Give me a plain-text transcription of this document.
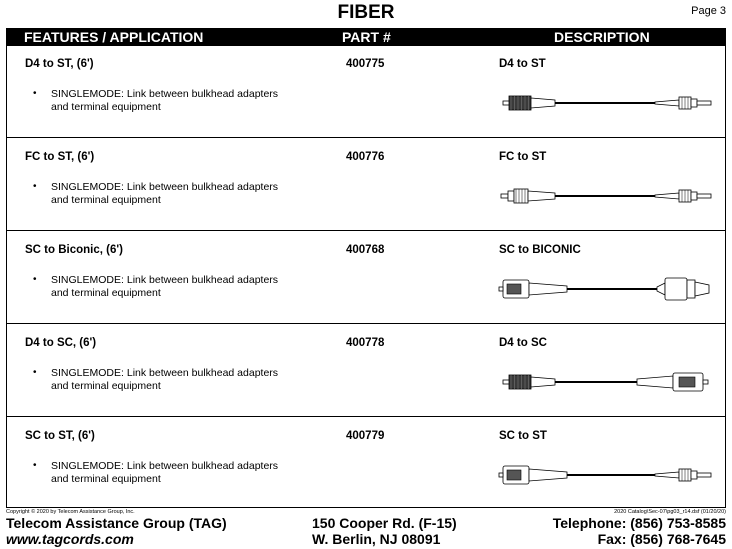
FIBER	Page 3
FEATURES / APPLICATION	PART #	DESCRIPTION
D4 to ST, (6')	400775	D4 to ST
• SINGLEMODE: Link between bulkhead adapters
and terminal equipment
FC to ST, (6')	400776	FC to ST
• SINGLEMODE: Link between bulkhead adapters
and terminal equipment
SC to Biconic, (6')	400768	SC to BICONIC
• SINGLEMODE: Link between bulkhead adapters
and terminal equipment
D4 to SC, (6')	400778	D4 to SC
• SINGLEMODE: Link between bulkhead adapters
and terminal equipment
SC to ST, (6')	400779	SC to ST
• SINGLEMODE: Link between bulkhead adapters
and terminal equipment
Copyright © 2020 by Telecom Assistance Group, Inc.	2020 Catalog\Sec-07\pg03_r14.dsf (01/20/20)
Telecom Assistance Group (TAG)
www.tagcords.com
150 Cooper Rd. (F-15)
W. Berlin, NJ 08091
Telephone: (856) 753-8585
Fax: (856) 768-7645
